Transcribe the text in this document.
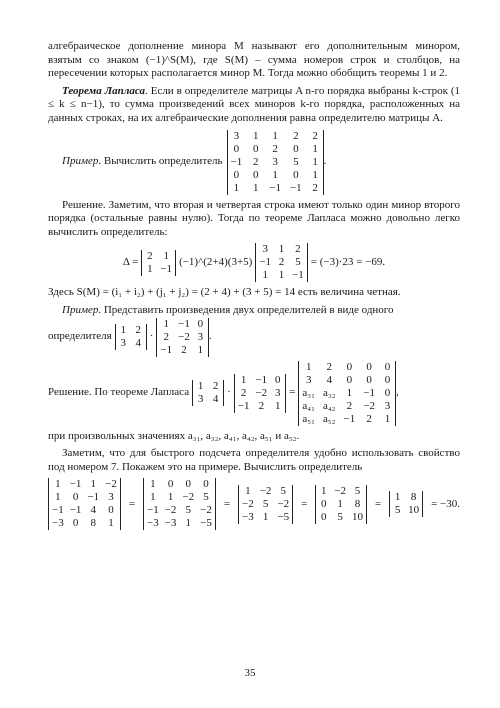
алгебраическое дополнение минора M называют его дополнительным минором, взятым со знаком (−1)^S(M), где S(M) – сумма номеров строк и столбцов, на пересечении которых располагается минор M. Тогда можно обобщить теоремы 1 и 2.

Теорема Лапласа. Если в определителе матрицы A n-го порядка выбраны k-строк (1 ≤ k ≤ n−1), то сумма произведений всех миноров k-го порядка, расположенных на данных строках, на их алгебраические дополнения равна определителю матрицы A.

Пример . Вычислить определитель
3 1 1 2 2
0 0 2 0 1
−1 2 3 5 1
0 0 1 0 1
1 1 −1 −1 2
.

Решение. Заметим, что вторая и четвертая строка имеют только один минор второго порядка (остальные равны нулю). Тогда по теореме Лапласа можно довольно легко вычислить определитель:

Δ =
2 1
1 −1
(−1)^(2+4)(3+5)
3 1 2
−1 2 5
1 1 −1
= (−3)·23 = −69.

Здесь S(M) = (i₁ + i₂) + (j₁ + j₂) = (2 + 4) + (3 + 5) = 14 есть величина четная.

Пример. Представить произведения двух определителей в виде одного

определителя
1 2
3 4
·
1 −1 0
2 −2 3
−1 2 1
.
Решение. По теореме Лапласа
1 2
3 4
·
1 −1 0
2 −2 3
−1 2 1
=
1	2	0 0 0
3	4	0 0 0
a₃₁ a₃₂ 1 −1 0
a₄₁ a₄₂ 2 −2 3
a₅₁ a₅₂ −1 2 1
,

при произвольных значениях a₃₁, a₃₂, a₄₁, a₄₂, a₅₁ и a₅₂.

Заметим, что для быстрого подсчета определителя удобно использовать свойство под номером 7. Покажем это на примере. Вычислить определитель

1 −1 1 −2
1 0 −1 3
−1 −1 4 0
−3 0 8 1
=
1 0 0 0
1 1 −2 5
−1 −2 5 −2
−3 −3 1 −5
=
1 −2 5
−2 5 −2
−3 1 −5
=
1 −2 5
0 1 8
0 5 10
=
1 8
5 10
= −30.
35
